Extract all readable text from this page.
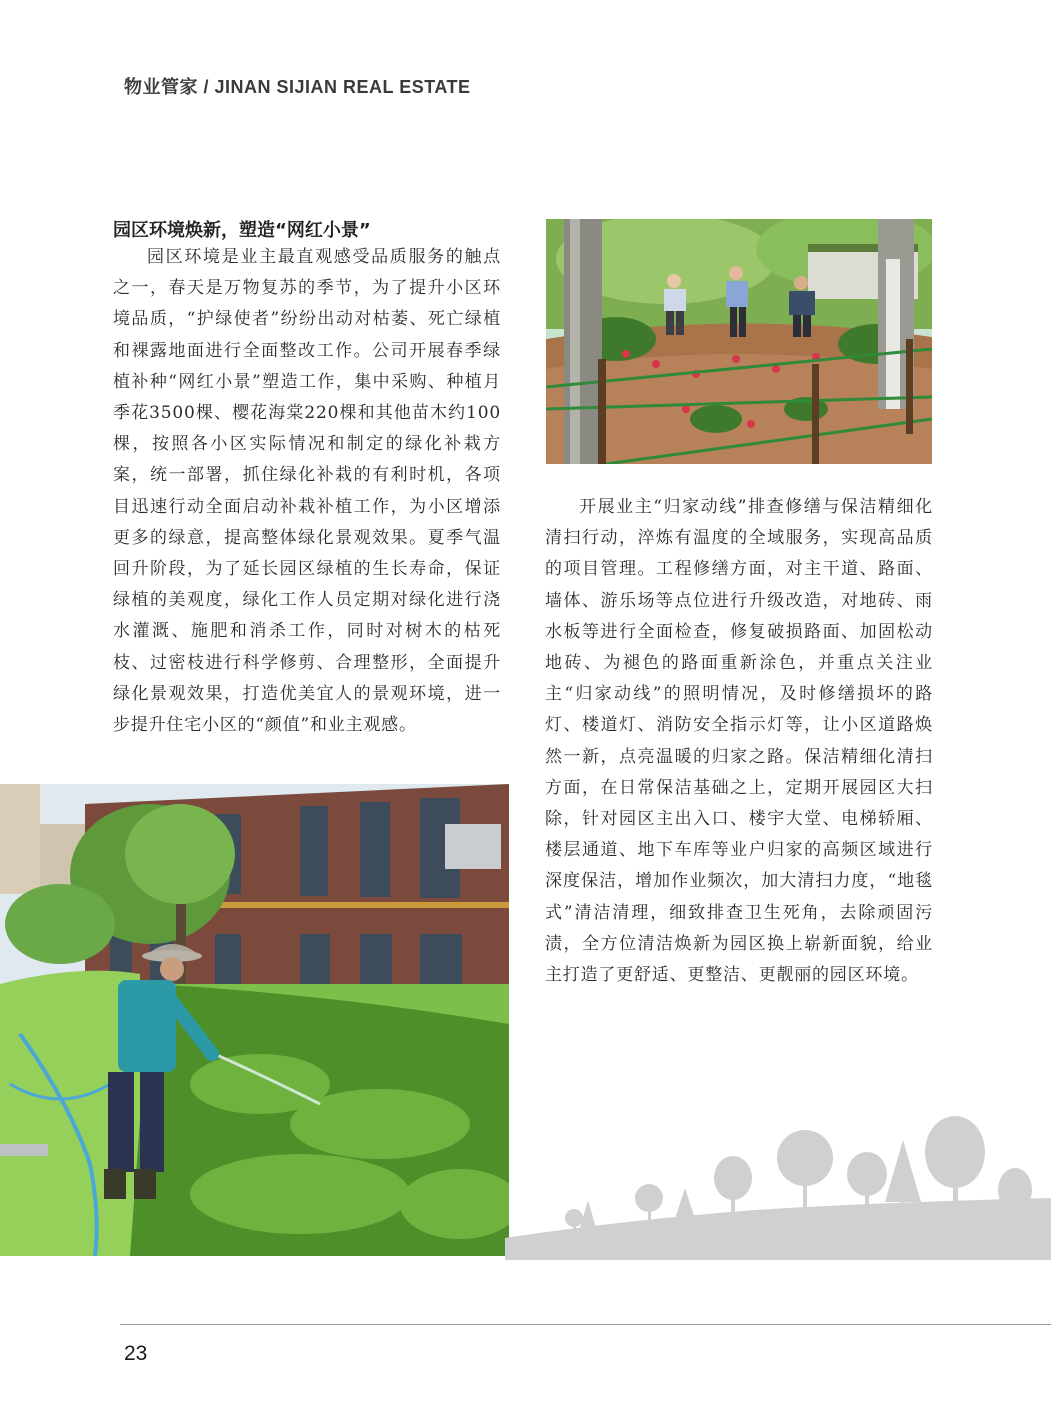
物业管家 / JINAN SIJIAN REAL ESTATE
园区环境焕新，塑造“网红小景”

园区环境是业主最直观感受品质服务的触点之一，春天是万物复苏的季节，为了提升小区环境品质，“护绿使者”纷纷出动对枯萎、死亡绿植和裸露地面进行全面整改工作。公司开展春季绿植补种“网红小景”塑造工作，集中采购、种植月季花3500棵、樱花海棠220棵和其他苗木约100棵，按照各小区实际情况和制定的绿化补栽方案，统一部署，抓住绿化补栽的有利时机，各项目迅速行动全面启动补栽补植工作，为小区增添更多的绿意，提高整体绿化景观效果。夏季气温回升阶段，为了延长园区绿植的生长寿命，保证绿植的美观度，绿化工作人员定期对绿化进行浇水灌溉、施肥和消杀工作，同时对树木的枯死枝、过密枝进行科学修剪、合理整形，全面提升绿化景观效果，打造优美宜人的景观环境，进一步提升住宅小区的“颜值”和业主观感。

开展业主“归家动线”排查修缮与保洁精细化清扫行动，淬炼有温度的全域服务，实现高品质的项目管理。工程修缮方面，对主干道、路面、墙体、游乐场等点位进行升级改造，对地砖、雨水板等进行全面检查，修复破损路面、加固松动地砖、为褪色的路面重新涂色，并重点关注业主“归家动线”的照明情况，及时修缮损坏的路灯、楼道灯、消防安全指示灯等，让小区道路焕然一新，点亮温暖的归家之路。保洁精细化清扫方面，在日常保洁基础之上，定期开展园区大扫除，针对园区主出入口、楼宇大堂、电梯轿厢、楼层通道、地下车库等业户归家的高频区域进行深度保洁，增加作业频次，加大清扫力度，“地毯式”清洁清理，细致排查卫生死角，去除顽固污渍，全方位清洁焕新为园区换上崭新面貌，给业主打造了更舒适、更整洁、更靓丽的园区环境。

23
